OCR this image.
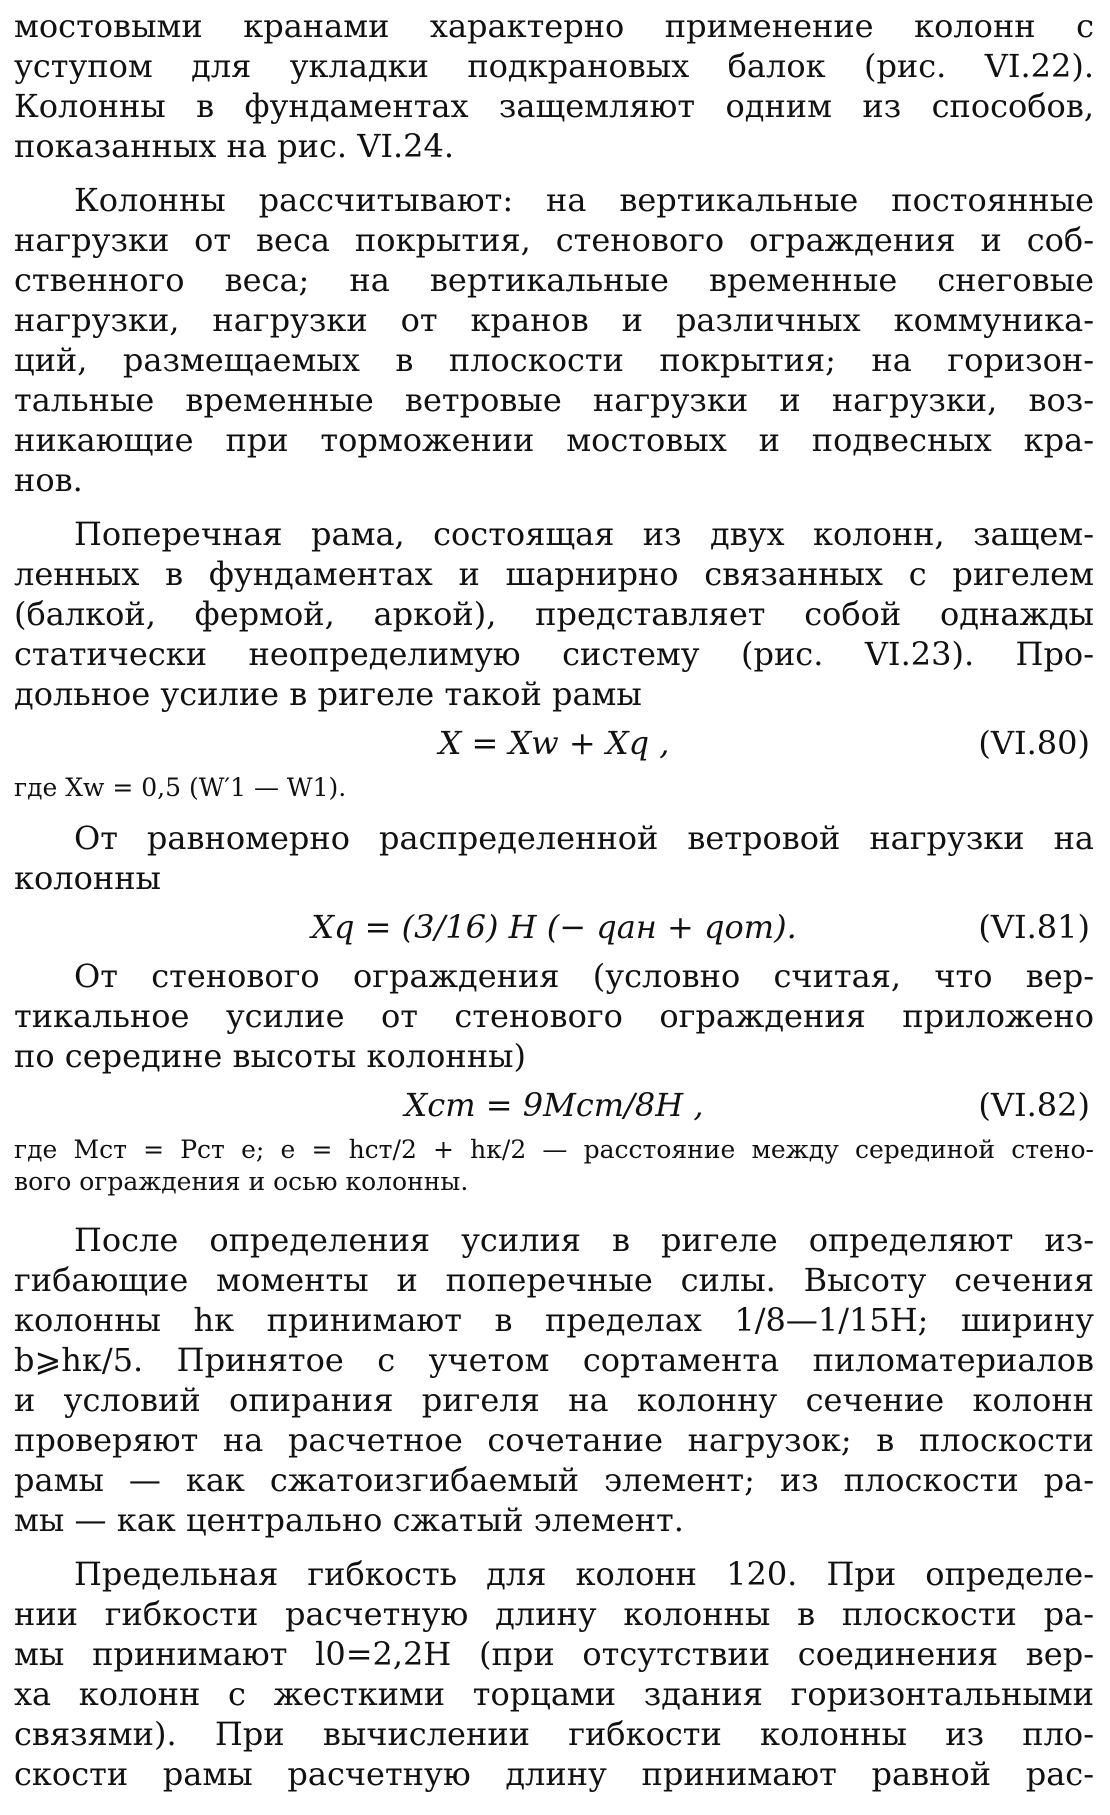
мостовыми кранами характерно применение колонн с
уступом для укладки подкрановых балок (рис. VI.22).
Колонны в фундаментах защемляют одним из способов,
показанных на рис. VI.24.
Колонны рассчитывают: на вертикальные постоянные
нагрузки от веса покрытия, стенового ограждения и соб-
ственного веса; на вертикальные временные снеговые
нагрузки, нагрузки от кранов и различных коммуника-
ций, размещаемых в плоскости покрытия; на горизон-
тальные временные ветровые нагрузки и нагрузки, воз-
никающие при торможении мостовых и подвесных кра-
нов.
Поперечная рама, состоящая из двух колонн, защем-
ленных в фундаментах и шарнирно связанных с ригелем
(балкой, фермой, аркой), представляет собой однажды
статически неопределимую систему (рис. VI.23). Про-
дольное усилие в ригеле такой рамы
X = Xw + Xq ,	(VI.80)
где Xw = 0,5 (W′1 — W1).
От равномерно распределенной ветровой нагрузки на
колонны
Xq = (3/16) H (− qан + qот).	(VI.81)
От стенового ограждения (условно считая, что вер-
тикальное усилие от стенового ограждения приложено
по середине высоты колонны)
Xст = 9Mст/8H ,	(VI.82)
где Mст = Pст e; e = hст/2 + hк/2 — расстояние между серединой стено-
вого ограждения и осью колонны.
После определения усилия в ригеле определяют из-
гибающие моменты и поперечные силы. Высоту сечения
колонны hк принимают в пределах 1/8—1/15H; ширину
b⩾hк/5. Принятое с учетом сортамента пиломатериалов
и условий опирания ригеля на колонну сечение колонн
проверяют на расчетное сочетание нагрузок; в плоскости
рамы — как сжатоизгибаемый элемент; из плоскости ра-
мы — как центрально сжатый элемент.
Предельная гибкость для колонн 120. При определе-
нии гибкости расчетную длину колонны в плоскости ра-
мы принимают l0=2,2H (при отсутствии соединения вер-
ха колонн с жесткими торцами здания горизонтальными
связями). При вычислении гибкости колонны из пло-
скости рамы расчетную длину принимают равной рас-
